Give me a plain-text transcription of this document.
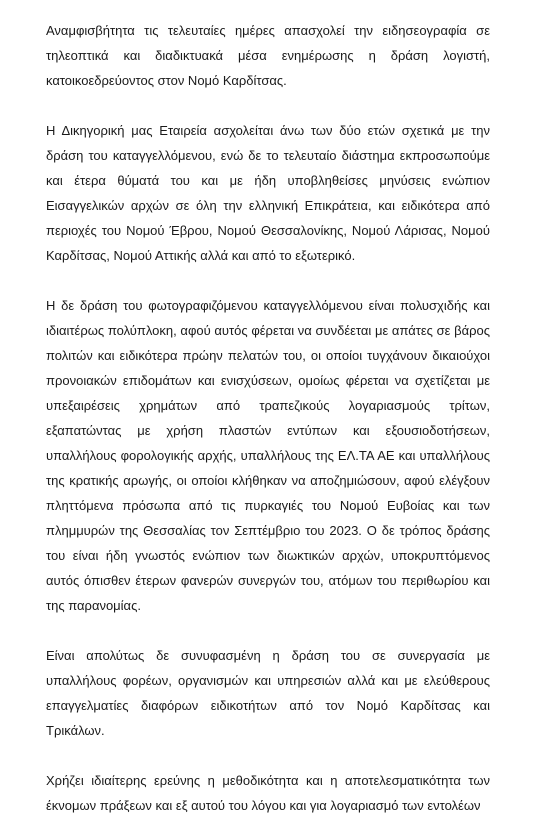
Αναμφισβήτητα τις τελευταίες ημέρες απασχολεί την ειδησεογραφία σε τηλεοπτικά και διαδικτυακά μέσα ενημέρωσης η δράση λογιστή, κατοικοεδρεύοντος στον Νομό Καρδίτσας.

Η Δικηγορική μας Εταιρεία ασχολείται άνω των δύο ετών σχετικά με την δράση του καταγγελλόμενου, ενώ δε το τελευταίο διάστημα εκπροσωπούμε και έτερα θύματά του και με ήδη υποβληθείσες μηνύσεις ενώπιον Εισαγγελικών αρχών σε όλη την ελληνική Επικράτεια, και ειδικότερα από περιοχές του Νομού Έβρου, Νομού Θεσσαλονίκης, Νομού Λάρισας, Νομού Καρδίτσας, Νομού Αττικής αλλά και από το εξωτερικό.

Η δε δράση του φωτογραφιζόμενου καταγγελλόμενου είναι πολυσχιδής και ιδιαιτέρως πολύπλοκη, αφού αυτός φέρεται να συνδέεται με απάτες σε βάρος πολιτών και ειδικότερα πρώην πελατών του, οι οποίοι τυγχάνουν δικαιούχοι προνοιακών επιδομάτων και ενισχύσεων, ομοίως φέρεται να σχετίζεται με υπεξαιρέσεις χρημάτων από τραπεζικούς λογαριασμούς τρίτων, εξαπατώντας με χρήση πλαστών εντύπων και εξουσιοδοτήσεων, υπαλλήλους φορολογικής αρχής, υπαλλήλους της ΕΛ.ΤΑ ΑΕ και υπαλλήλους της κρατικής αρωγής, οι οποίοι κλήθηκαν να αποζημιώσουν, αφού ελέγξουν πληττόμενα πρόσωπα από τις πυρκαγιές του Νομού Ευβοίας και των πλημμυρών της Θεσσαλίας τον Σεπτέμβριο του 2023. Ο δε τρόπος δράσης του είναι ήδη γνωστός ενώπιον των διωκτικών αρχών, υποκρυπτόμενος αυτός όπισθεν έτερων φανερών συνεργών του, ατόμων του περιθωρίου και της παρανομίας.

Είναι απολύτως δε συνυφασμένη η δράση του σε συνεργασία με υπαλλήλους φορέων, οργανισμών και υπηρεσιών αλλά και με ελεύθερους επαγγελματίες διαφόρων ειδικοτήτων από τον Νομό Καρδίτσας και Τρικάλων.

Χρήζει ιδιαίτερης ερεύνης η μεθοδικότητα και η αποτελεσματικότητα των έκνομων πράξεων και εξ αυτού του λόγου και για λογαριασμό των εντολέων
